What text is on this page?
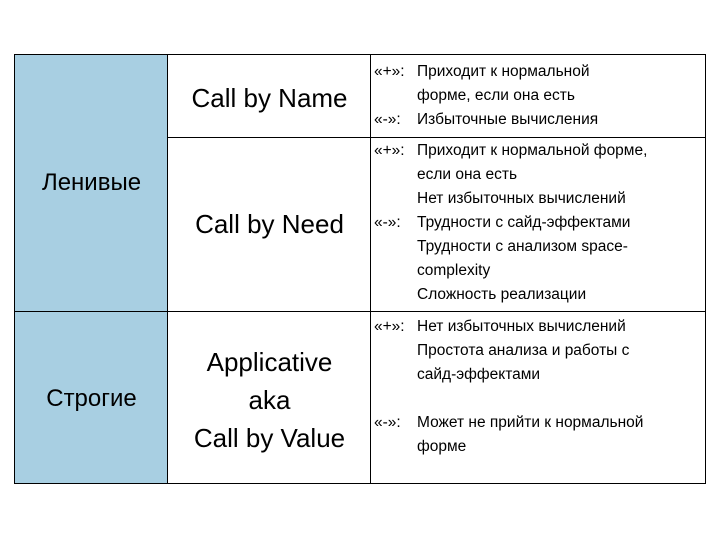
Ленивые
Строгие
Call by Name
Call by Need
Applicative
aka
Call by Value
«+»: Приходит к нормальной
форме, если она есть
«-»: Избыточные вычисления
«+»: Приходит к нормальной форме,
если она есть
Нет избыточных вычислений
«-»: Трудности с сайд-эффектами
Трудности с анализом space-
complexity
Сложность реализации
«+»: Нет избыточных вычислений
Простота анализа и работы с
сайд-эффектами
«-»: Может не прийти к нормальной
форме
